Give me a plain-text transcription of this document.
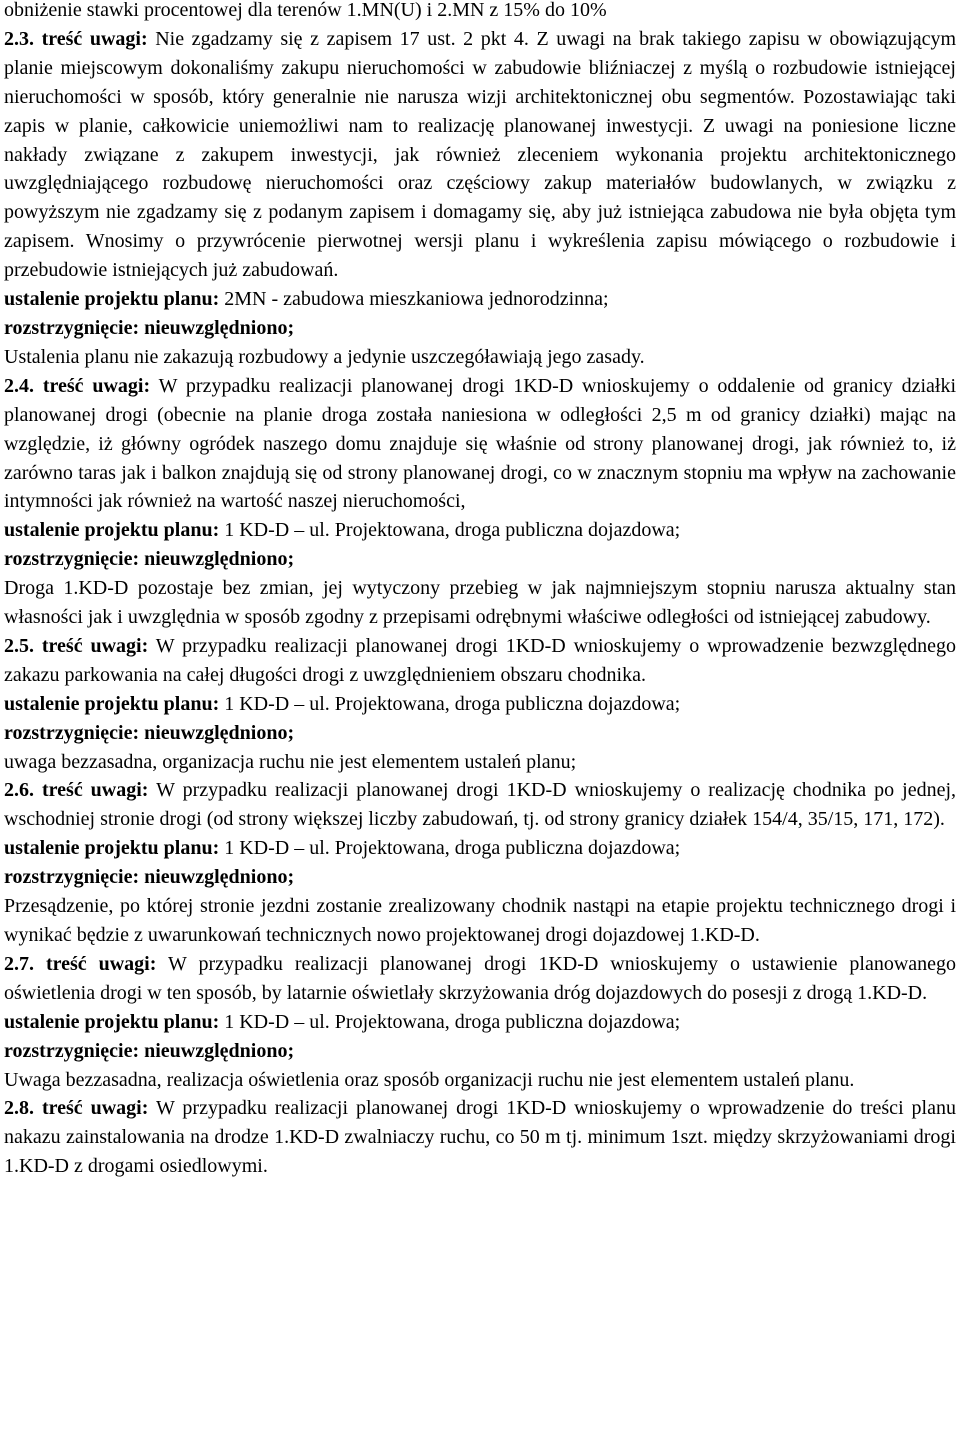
obniżenie stawki procentowej dla terenów 1.MN(U) i 2.MN z 15% do 10%

2.3. treść uwagi: Nie zgadzamy się z zapisem 17 ust. 2 pkt 4. Z uwagi na brak takiego zapisu w obowiązującym planie miejscowym dokonaliśmy zakupu nieruchomości w zabudowie bliźniaczej z myślą o rozbudowie istniejącej nieruchomości w sposób, który generalnie nie narusza wizji architektonicznej obu segmentów. Pozostawiając taki zapis w planie, całkowicie uniemożliwi nam to realizację planowanej inwestycji. Z uwagi na poniesione liczne nakłady związane z zakupem inwestycji, jak również zleceniem wykonania projektu architektonicznego uwzględniającego rozbudowę nieruchomości oraz częściowy zakup materiałów budowlanych, w związku z powyższym nie zgadzamy się z podanym zapisem i domagamy się, aby już istniejąca zabudowa nie była objęta tym zapisem. Wnosimy o przywrócenie pierwotnej wersji planu i wykreślenia zapisu mówiącego o rozbudowie i przebudowie istniejących już zabudowań.

ustalenie projektu planu: 2MN - zabudowa mieszkaniowa jednorodzinna;

rozstrzygnięcie: nieuwzględniono;

Ustalenia planu nie zakazują rozbudowy a jedynie uszczegóławiają jego zasady.

2.4. treść uwagi: W przypadku realizacji planowanej drogi 1KD-D wnioskujemy o oddalenie od granicy działki planowanej drogi (obecnie na planie droga została naniesiona w odległości 2,5 m od granicy działki) mając na względzie, iż główny ogródek naszego domu znajduje się właśnie od strony planowanej drogi, jak również to, iż zarówno taras jak i balkon znajdują się od strony planowanej drogi, co w znacznym stopniu ma wpływ na zachowanie intymności jak również na wartość naszej nieruchomości,

ustalenie projektu planu: 1 KD-D – ul. Projektowana, droga publiczna dojazdowa;

rozstrzygnięcie: nieuwzględniono;

Droga 1.KD-D pozostaje bez zmian, jej wytyczony przebieg w jak najmniejszym stopniu narusza aktualny stan własności jak i uwzględnia w sposób zgodny z przepisami odrębnymi właściwe odległości od istniejącej zabudowy.

2.5. treść uwagi: W przypadku realizacji planowanej drogi 1KD-D wnioskujemy o wprowadzenie bezwzględnego zakazu parkowania na całej długości drogi z uwzględnieniem obszaru chodnika.

ustalenie projektu planu: 1 KD-D – ul. Projektowana, droga publiczna dojazdowa;

rozstrzygnięcie: nieuwzględniono;

uwaga bezzasadna, organizacja ruchu nie jest elementem ustaleń planu;

2.6. treść uwagi: W przypadku realizacji planowanej drogi 1KD-D wnioskujemy o realizację chodnika po jednej, wschodniej stronie drogi (od strony większej liczby zabudowań, tj. od strony granicy działek 154/4, 35/15, 171, 172).

ustalenie projektu planu: 1 KD-D – ul. Projektowana, droga publiczna dojazdowa;

rozstrzygnięcie: nieuwzględniono;

Przesądzenie, po której stronie jezdni zostanie zrealizowany chodnik nastąpi na etapie projektu technicznego drogi i wynikać będzie z uwarunkowań technicznych nowo projektowanej drogi dojazdowej 1.KD-D.

2.7. treść uwagi: W przypadku realizacji planowanej drogi 1KD-D wnioskujemy o ustawienie planowanego oświetlenia drogi w ten sposób, by latarnie oświetlały skrzyżowania dróg dojazdowych do posesji z drogą 1.KD-D.

ustalenie projektu planu: 1 KD-D – ul. Projektowana, droga publiczna dojazdowa;

rozstrzygnięcie: nieuwzględniono;

Uwaga bezzasadna, realizacja oświetlenia oraz sposób organizacji ruchu nie jest elementem ustaleń planu.

2.8. treść uwagi: W przypadku realizacji planowanej drogi 1KD-D wnioskujemy o wprowadzenie do treści planu nakazu zainstalowania na drodze 1.KD-D zwalniaczy ruchu, co 50 m tj. minimum 1szt. między skrzyżowaniami drogi 1.KD-D z drogami osiedlowymi.
